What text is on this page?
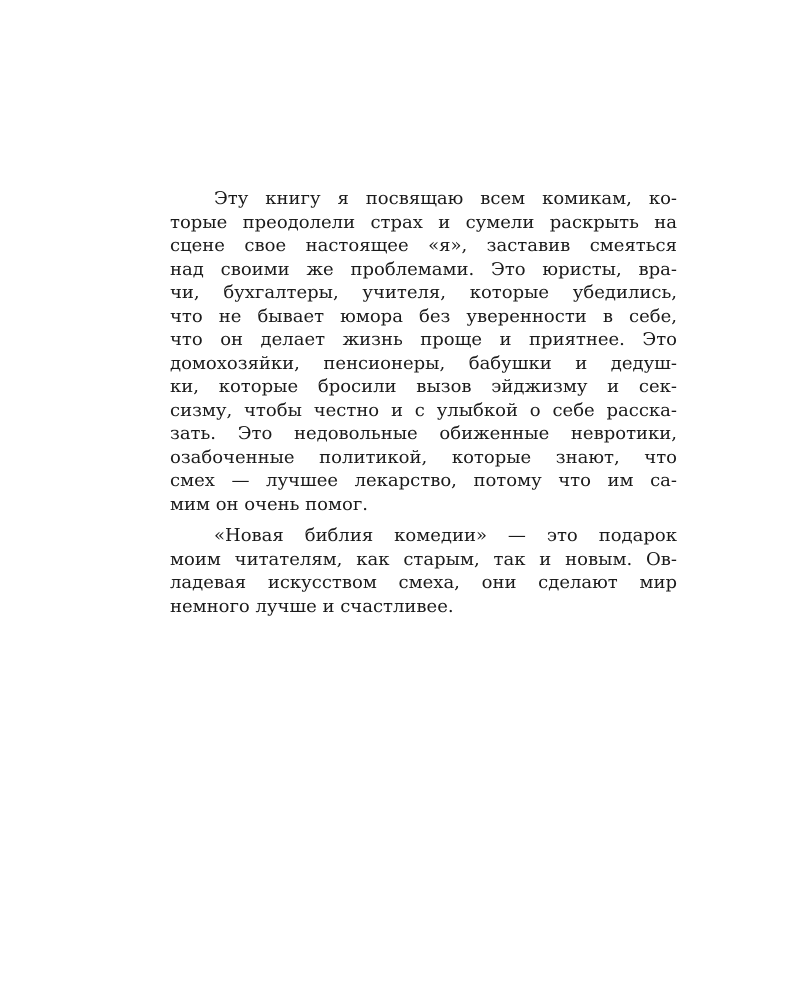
Эту книгу я посвящаю всем комикам, ко-
торые преодолели страх и сумели раскрыть на
сцене свое настоящее «я», заставив смеяться
над своими же проблемами. Это юристы, вра-
чи, бухгалтеры, учителя, которые убедились,
что не бывает юмора без уверенности в себе,
что он делает жизнь проще и приятнее. Это
домохозяйки, пенсионеры, бабушки и дедуш-
ки, которые бросили вызов эйджизму и сек-
сизму, чтобы честно и с улыбкой о себе расска-
зать. Это недовольные обиженные невротики,
озабоченные политикой, которые знают, что
смех — лучшее лекарство, потому что им са-
мим он очень помог.
«Новая библия комедии» — это подарок
моим читателям, как старым, так и новым. Ов-
ладевая искусством смеха, они сделают мир
немного лучше и счастливее.
